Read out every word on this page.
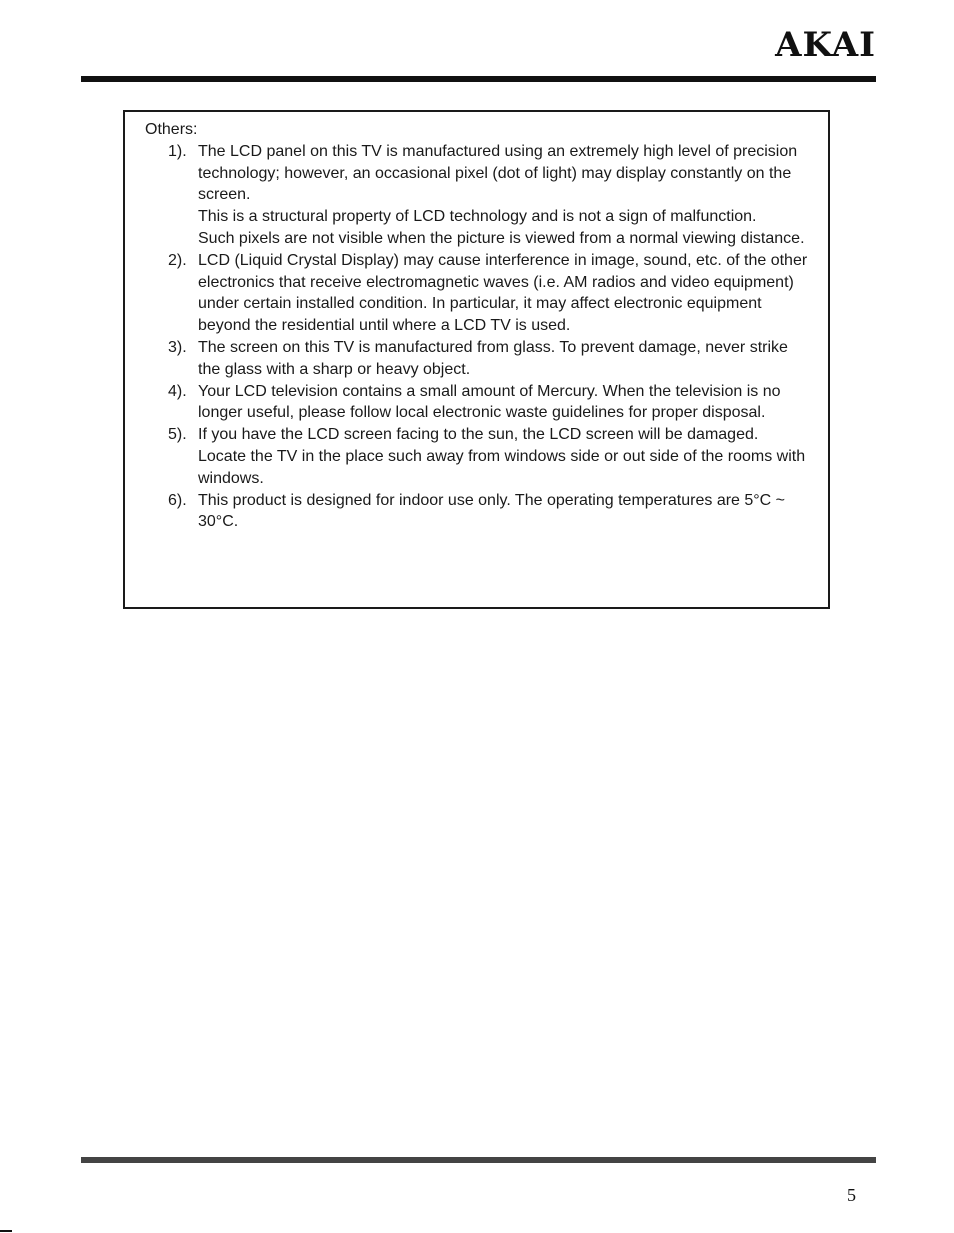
AKAI

Others:

1). The LCD panel on this TV is manufactured using an extremely high level of precision technology; however, an occasional pixel (dot of light) may display constantly on the screen.

This is a structural property of LCD technology and is not a sign of malfunction.

Such pixels are not visible when the picture is viewed from a normal viewing distance.

2). LCD (Liquid Crystal Display) may cause interference in image, sound, etc. of the other electronics that receive electromagnetic waves (i.e. AM radios and video equipment) under certain installed condition. In particular, it may affect electronic equipment beyond the residential until where a LCD TV is used.

3). The screen on this TV is manufactured from glass. To prevent damage, never strike the glass with a sharp or heavy object.

4). Your LCD television contains a small amount of Mercury. When the television is no longer useful, please follow local electronic waste guidelines for proper disposal.

5). If you have the LCD screen facing to the sun, the LCD screen will be damaged. Locate the TV in the place such away from windows side or out side of the rooms with windows.

6). This product is designed for indoor use only. The operating temperatures are 5°C ~ 30°C.

5
